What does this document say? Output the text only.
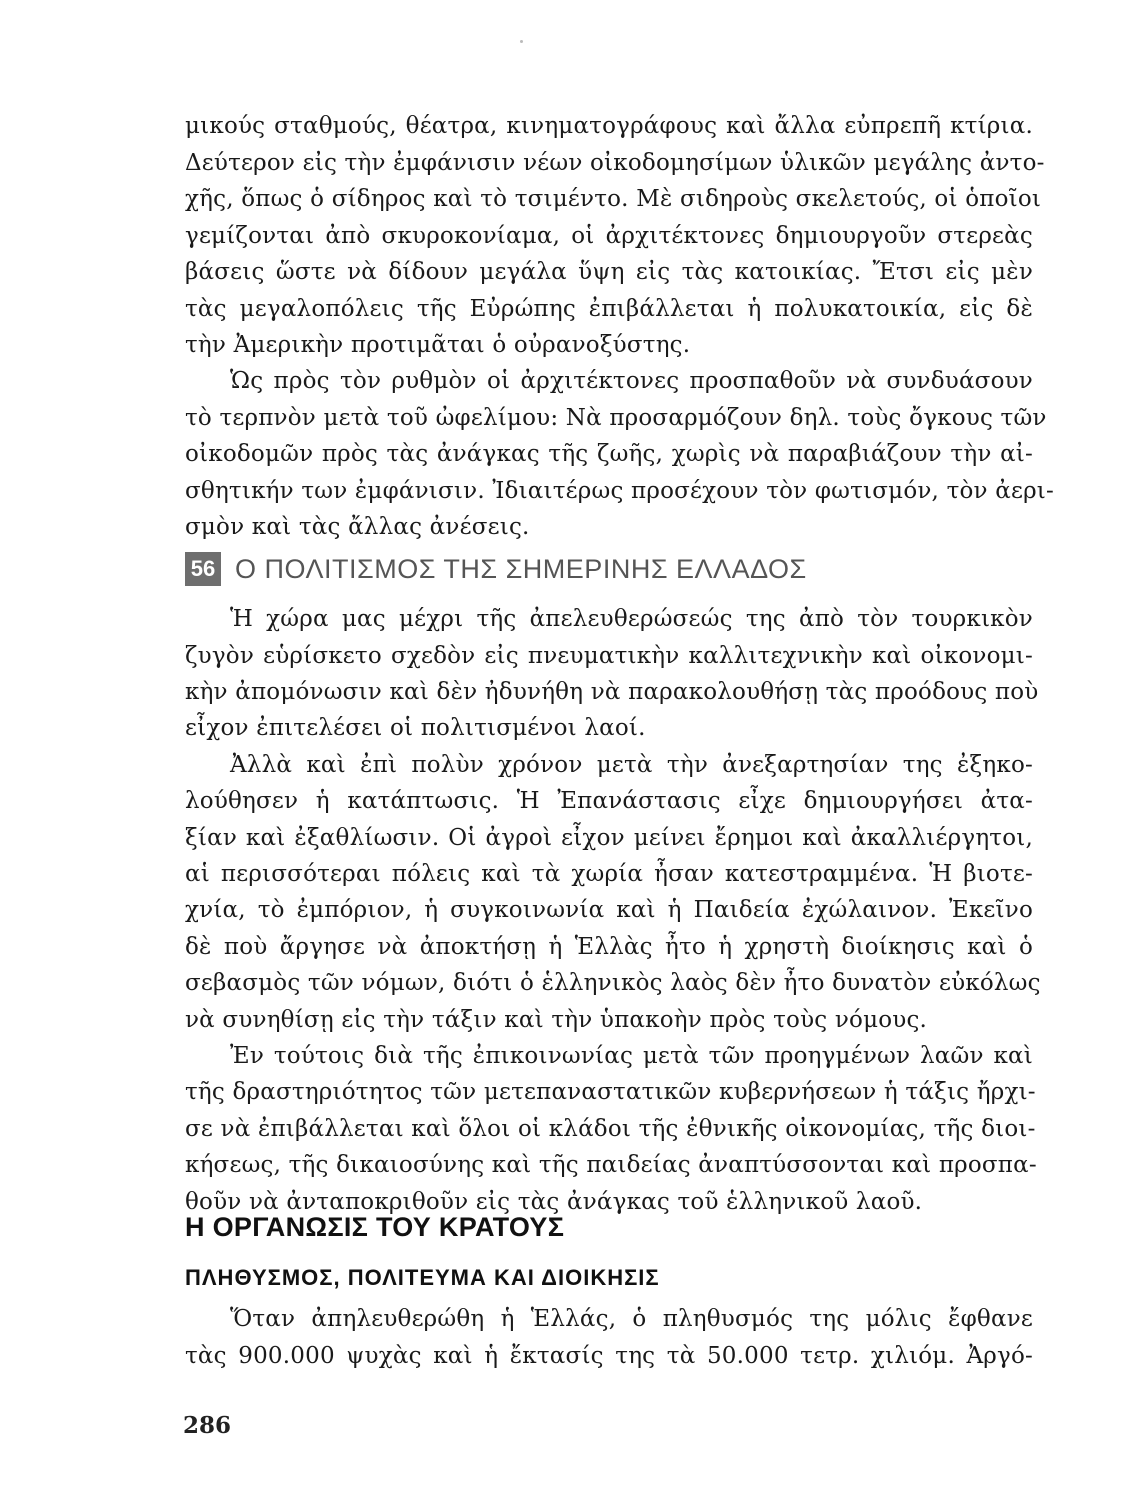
μικούς σταθμούς, θέατρα, κινηματογράφους καὶ ἄλλα εὐπρεπῆ κτίρια.
Δεύτερον εἰς τὴν ἐμφάνισιν νέων οἰκοδομησίμων ὑλικῶν μεγάλης ἀντο-
χῆς, ὅπως ὁ σίδηρος καὶ τὸ τσιμέντο. Μὲ σιδηροὺς σκελετούς, οἱ ὁποῖοι
γεμίζονται ἀπὸ σκυροκονίαμα, οἱ ἀρχιτέκτονες δημιουργοῦν στερεὰς
βάσεις ὥστε νὰ δίδουν μεγάλα ὕψη εἰς τὰς κατοικίας. Ἔτσι εἰς μὲν
τὰς μεγαλοπόλεις τῆς Εὐρώπης ἐπιβάλλεται ἡ πολυκατοικία, εἰς δὲ
τὴν Ἀμερικὴν προτιμᾶται ὁ οὐρανοξύστης.
Ὡς πρὸς τὸν ρυθμὸν οἱ ἀρχιτέκτονες προσπαθοῦν νὰ συνδυάσουν
τὸ τερπνὸν μετὰ τοῦ ὠφελίμου: Νὰ προσαρμόζουν δηλ. τοὺς ὄγκους τῶν
οἰκοδομῶν πρὸς τὰς ἀνάγκας τῆς ζωῆς, χωρὶς νὰ παραβιάζουν τὴν αἰ-
σθητικήν των ἐμφάνισιν. Ἰδιαιτέρως προσέχουν τὸν φωτισμόν, τὸν ἀερι-
σμὸν καὶ τὰς ἄλλας ἀνέσεις.
56 Ο ΠΟΛΙΤΙΣΜΟΣ ΤΗΣ ΣΗΜΕΡΙΝΗΣ ΕΛΛΑΔΟΣ
Ἡ χώρα μας μέχρι τῆς ἀπελευθερώσεώς της ἀπὸ τὸν τουρκικὸν
ζυγὸν εὑρίσκετο σχεδὸν εἰς πνευματικὴν καλλιτεχνικὴν καὶ οἰκονομι-
κὴν ἀπομόνωσιν καὶ δὲν ἠδυνήθη νὰ παρακολουθήσῃ τὰς προόδους ποὺ
εἶχον ἐπιτελέσει οἱ πολιτισμένοι λαοί.
Ἀλλὰ καὶ ἐπὶ πολὺν χρόνον μετὰ τὴν ἀνεξαρτησίαν της ἐξηκο-
λούθησεν ἡ κατάπτωσις. Ἡ Ἐπανάστασις εἶχε δημιουργήσει ἀτα-
ξίαν καὶ ἐξαθλίωσιν. Οἱ ἀγροὶ εἶχον μείνει ἔρημοι καὶ ἀκαλλιέργητοι,
αἱ περισσότεραι πόλεις καὶ τὰ χωρία ἦσαν κατεστραμμένα. Ἡ βιοτε-
χνία, τὸ ἐμπόριον, ἡ συγκοινωνία καὶ ἡ Παιδεία ἐχώλαινον. Ἐκεῖνο
δὲ ποὺ ἄργησε νὰ ἀποκτήσῃ ἡ Ἑλλὰς ἦτο ἡ χρηστὴ διοίκησις καὶ ὁ
σεβασμὸς τῶν νόμων, διότι ὁ ἑλληνικὸς λαὸς δὲν ἦτο δυνατὸν εὐκόλως
νὰ συνηθίσῃ εἰς τὴν τάξιν καὶ τὴν ὑπακοὴν πρὸς τοὺς νόμους.
Ἐν τούτοις διὰ τῆς ἐπικοινωνίας μετὰ τῶν προηγμένων λαῶν καὶ
τῆς δραστηριότητος τῶν μετεπαναστατικῶν κυβερνήσεων ἡ τάξις ἤρχι-
σε νὰ ἐπιβάλλεται καὶ ὅλοι οἱ κλάδοι τῆς ἐθνικῆς οἰκονομίας, τῆς διοι-
κήσεως, τῆς δικαιοσύνης καὶ τῆς παιδείας ἀναπτύσσονται καὶ προσπα-
θοῦν νὰ ἀνταποκριθοῦν εἰς τὰς ἀνάγκας τοῦ ἑλληνικοῦ λαοῦ.
Η ΟΡΓΑΝΩΣΙΣ ΤΟΥ ΚΡΑΤΟΥΣ
ΠΛΗΘΥΣΜΟΣ, ΠΟΛΙΤΕΥΜΑ ΚΑΙ ΔΙΟΙΚΗΣΙΣ
Ὅταν ἀπηλευθερώθη ἡ Ἑλλάς, ὁ πληθυσμός της μόλις ἔφθανε
τὰς 900.000 ψυχὰς καὶ ἡ ἔκτασίς της τὰ 50.000 τετρ. χιλιόμ. Ἀργό-
286
